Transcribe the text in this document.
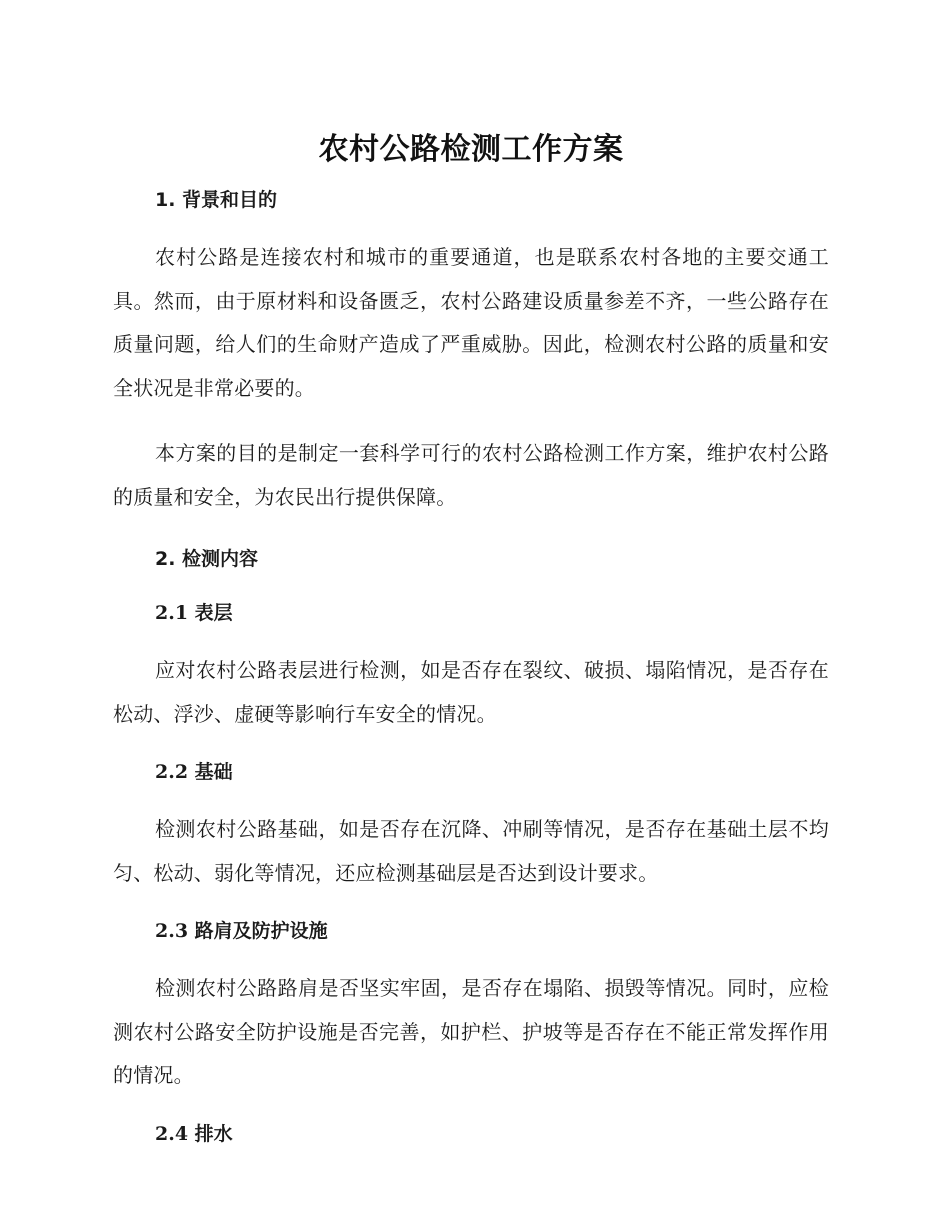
农村公路检测工作方案
1. 背景和目的

农村公路是连接农村和城市的重要通道，也是联系农村各地的主要交通工具。然而，由于原材料和设备匮乏，农村公路建设质量参差不齐，一些公路存在质量问题，给人们的生命财产造成了严重威胁。因此，检测农村公路的质量和安全状况是非常必要的。

本方案的目的是制定一套科学可行的农村公路检测工作方案，维护农村公路的质量和安全，为农民出行提供保障。

2. 检测内容
2.1 表层

应对农村公路表层进行检测，如是否存在裂纹、破损、塌陷情况，是否存在松动、浮沙、虚硬等影响行车安全的情况。

2.2 基础

检测农村公路基础，如是否存在沉降、冲刷等情况，是否存在基础土层不均匀、松动、弱化等情况，还应检测基础层是否达到设计要求。

2.3 路肩及防护设施

检测农村公路路肩是否坚实牢固，是否存在塌陷、损毁等情况。同时，应检测农村公路安全防护设施是否完善，如护栏、护坡等是否存在不能正常发挥作用的情况。

2.4 排水
